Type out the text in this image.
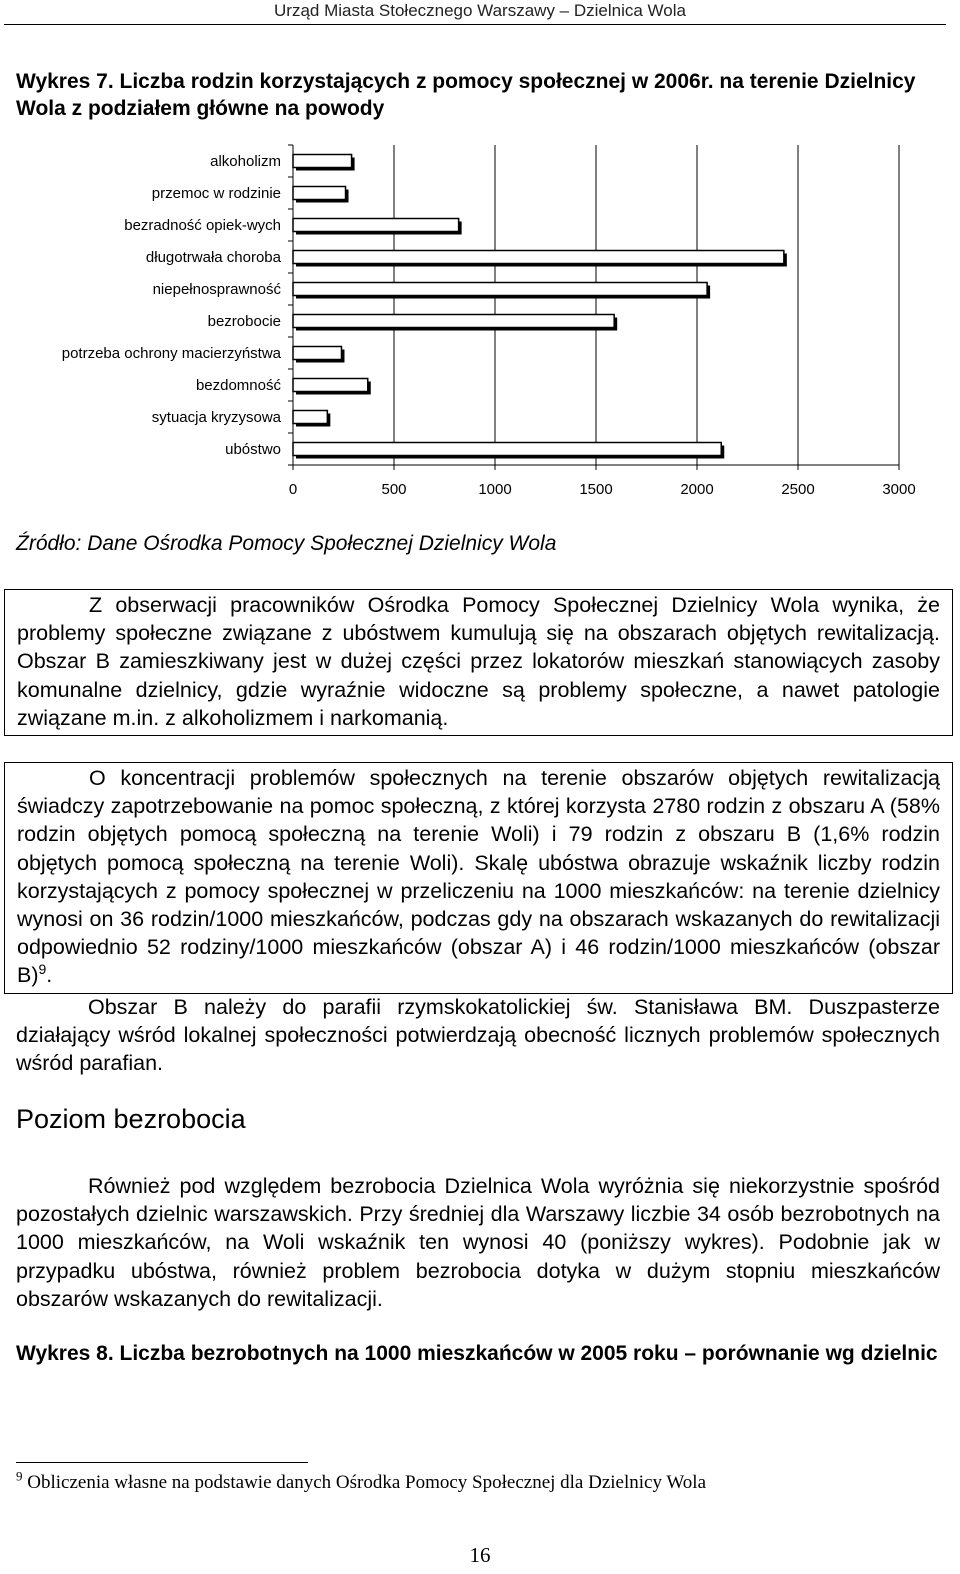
Urząd Miasta Stołecznego Warszawy – Dzielnica Wola
Wykres 7. Liczba rodzin korzystających z pomocy społecznej w 2006r. na terenie Dzielnicy Wola z podziałem główne na powody
alkoholizm
przemoc w rodzinie
bezradność opiek-wych
długotrwała choroba
niepełnosprawność
bezrobocie
potrzeba ochrony macierzyństwa
bezdomność
sytuacja kryzysowa
ubóstwo
0	500	1000	1500	2000	2500	3000
Źródło: Dane Ośrodka Pomocy Społecznej Dzielnicy Wola
Z obserwacji pracowników Ośrodka Pomocy Społecznej Dzielnicy Wola wynika, że problemy społeczne związane z ubóstwem kumulują się na obszarach objętych rewitalizacją. Obszar B zamieszkiwany jest w dużej części przez lokatorów mieszkań stanowiących zasoby komunalne dzielnicy, gdzie wyraźnie widoczne są problemy społeczne, a nawet patologie związane m.in. z alkoholizmem i narkomanią.
O koncentracji problemów społecznych na terenie obszarów objętych rewitalizacją świadczy zapotrzebowanie na pomoc społeczną, z której korzysta 2780 rodzin z obszaru A (58% rodzin objętych pomocą społeczną na terenie Woli) i 79 rodzin z obszaru B (1,6% rodzin objętych pomocą społeczną na terenie Woli). Skalę ubóstwa obrazuje wskaźnik liczby rodzin korzystających z pomocy społecznej w przeliczeniu na 1000 mieszkańców: na terenie dzielnicy wynosi on 36 rodzin/1000 mieszkańców, podczas gdy na obszarach wskazanych do rewitalizacji odpowiednio 52 rodziny/1000 mieszkańców (obszar A) i 46 rodzin/1000 mieszkańców (obszar B)$^9$.
Obszar B należy do parafii rzymskokatolickiej św. Stanisława BM. Duszpasterze działający wśród lokalnej społeczności potwierdzają obecność licznych problemów społecznych wśród parafian.
Poziom bezrobocia
Również pod względem bezrobocia Dzielnica Wola wyróżnia się niekorzystnie spośród pozostałych dzielnic warszawskich. Przy średniej dla Warszawy liczbie 34 osób bezrobotnych na 1000 mieszkańców, na Woli wskaźnik ten wynosi 40 (poniższy wykres). Podobnie jak w przypadku ubóstwa, również problem bezrobocia dotyka w dużym stopniu mieszkańców obszarów wskazanych do rewitalizacji.
Wykres 8. Liczba bezrobotnych na 1000 mieszkańców w 2005 roku – porównanie wg dzielnic
$^9$ Obliczenia własne na podstawie danych Ośrodka Pomocy Społecznej dla Dzielnicy Wola
16
